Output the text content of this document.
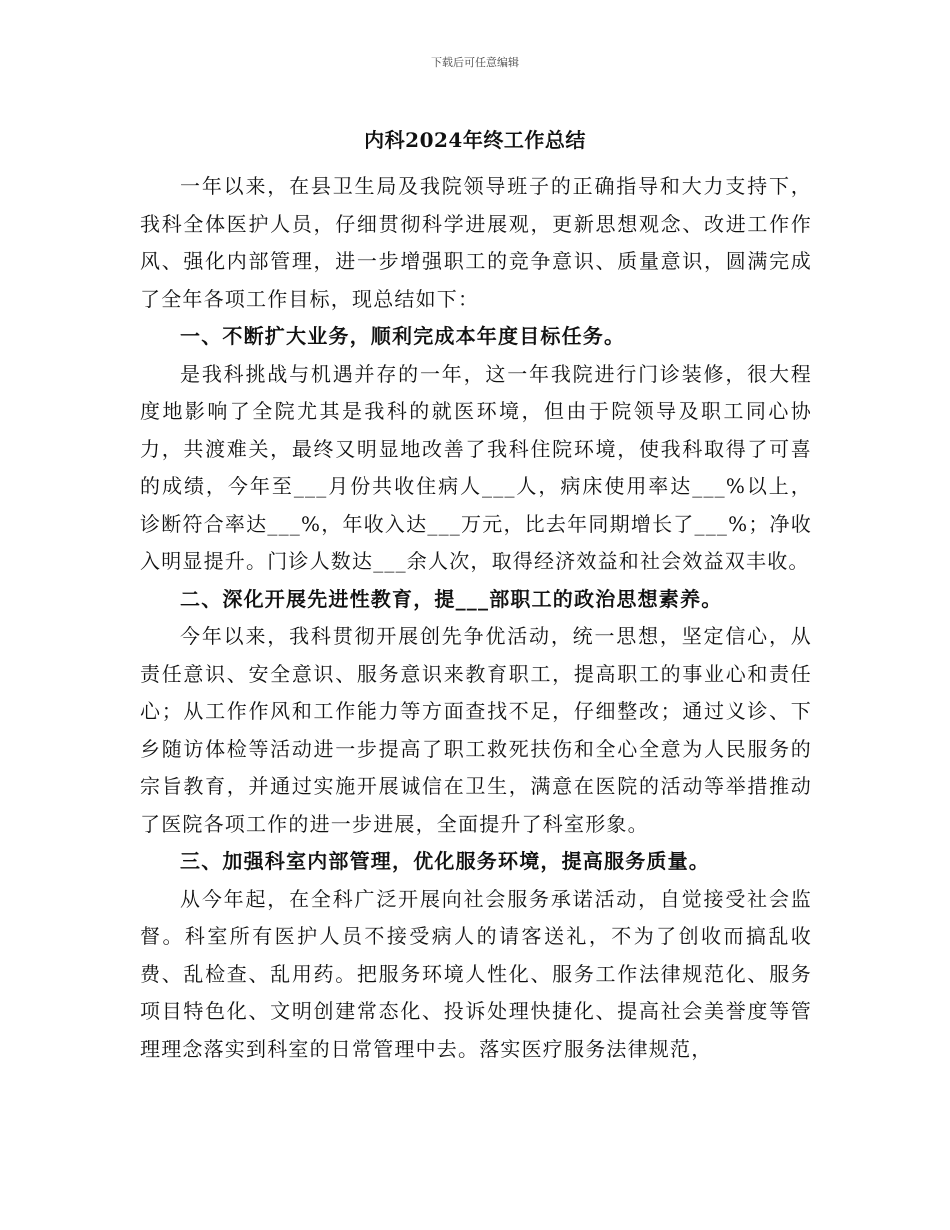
下载后可任意编辑
内科2024年终工作总结

一年以来，在县卫生局及我院领导班子的正确指导和大力支持下，我科全体医护人员，仔细贯彻科学进展观，更新思想观念、改进工作作风、强化内部管理，进一步增强职工的竞争意识、质量意识，圆满完成了全年各项工作目标，现总结如下：

一、不断扩大业务，顺利完成本年度目标任务。

是我科挑战与机遇并存的一年，这一年我院进行门诊装修，很大程度地影响了全院尤其是我科的就医环境，但由于院领导及职工同心协力，共渡难关，最终又明显地改善了我科住院环境，使我科取得了可喜的成绩，今年至___月份共收住病人___人，病床使用率达___%以上，诊断符合率达___%，年收入达___万元，比去年同期增长了___%；净收入明显提升。门诊人数达___余人次，取得经济效益和社会效益双丰收。

二、深化开展先进性教育，提___部职工的政治思想素养。

今年以来，我科贯彻开展创先争优活动，统一思想，坚定信心，从责任意识、安全意识、服务意识来教育职工，提高职工的事业心和责任心；从工作作风和工作能力等方面查找不足，仔细整改；通过义诊、下乡随访体检等活动进一步提高了职工救死扶伤和全心全意为人民服务的宗旨教育，并通过实施开展诚信在卫生，满意在医院的活动等举措推动了医院各项工作的进一步进展，全面提升了科室形象。

三、加强科室内部管理，优化服务环境，提高服务质量。

从今年起，在全科广泛开展向社会服务承诺活动，自觉接受社会监督。科室所有医护人员不接受病人的请客送礼，不为了创收而搞乱收费、乱检查、乱用药。把服务环境人性化、服务工作法律规范化、服务项目特色化、文明创建常态化、投诉处理快捷化、提高社会美誉度等管理理念落实到科室的日常管理中去。落实医疗服务法律规范，
